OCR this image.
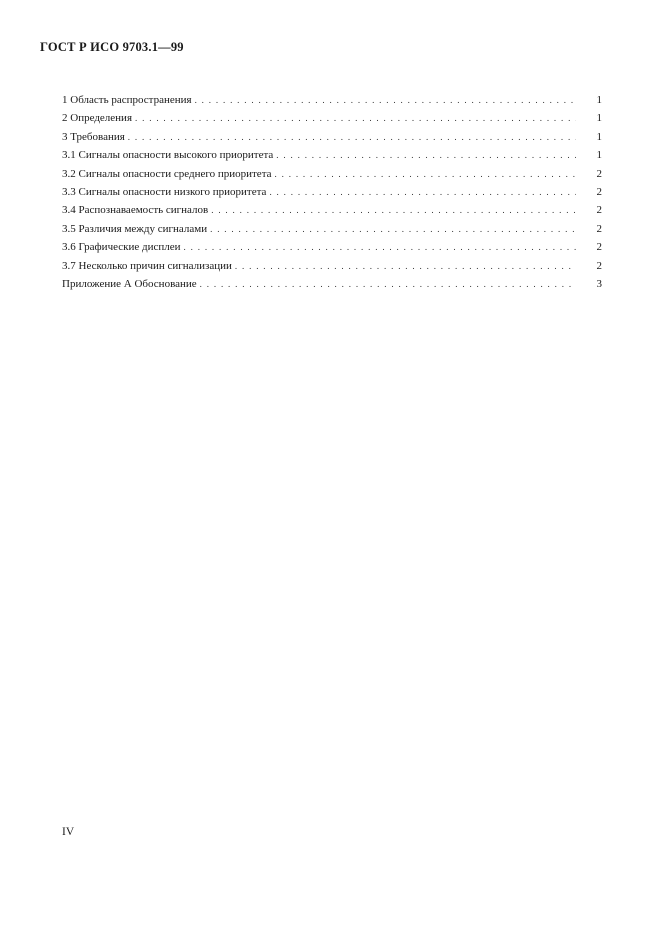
ГОСТ Р ИСО 9703.1—99
1 Область распространения . . .	1
2 Определения . . .	1
3 Требования . . .	1
3.1 Сигналы опасности высокого приоритета . . .	1
3.2 Сигналы опасности среднего приоритета . . .	2
3.3 Сигналы опасности низкого приоритета . . .	2
3.4 Распознаваемость сигналов . . .	2
3.5 Различия между сигналами . . .	2
3.6 Графические дисплеи . . .	2
3.7 Несколько причин сигнализации . . .	2
Приложение А Обоснование . . .	3
IV
